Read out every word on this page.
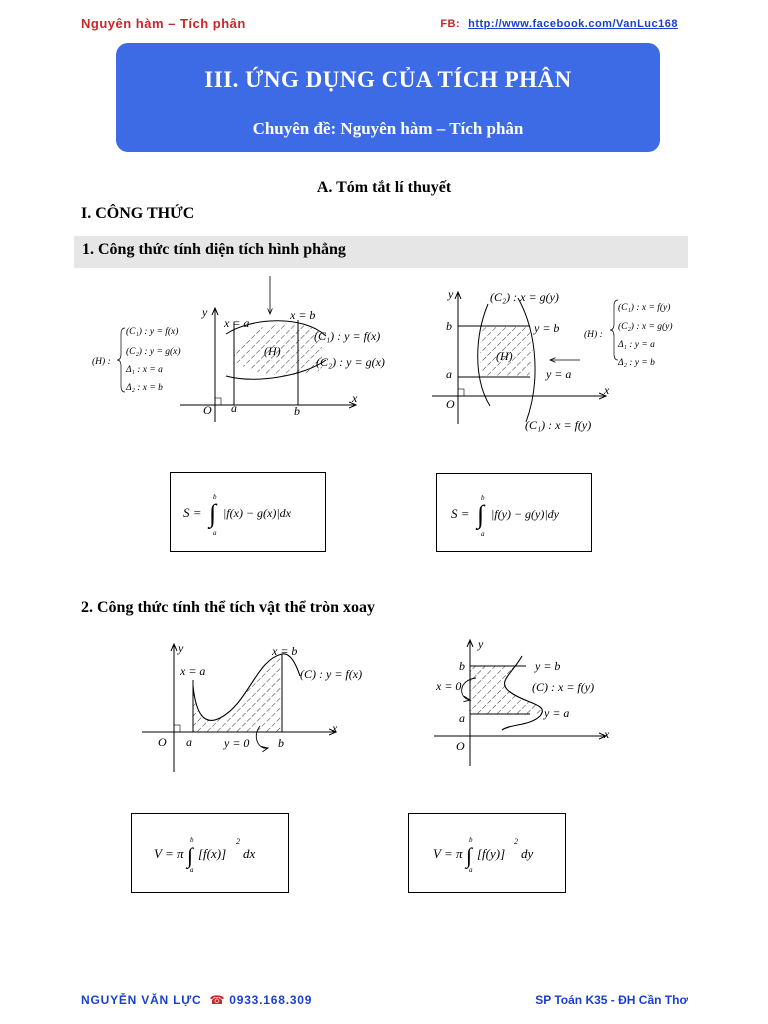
Nguyên hàm – Tích phân	FB: http://www.facebook.com/VanLuc168
III. ỨNG DỤNG CỦA TÍCH PHÂN
Chuyên đề: Nguyên hàm – Tích phân
A. Tóm tắt lí thuyết
I. CÔNG THỨC
1. Công thức tính diện tích hình phẳng
(H) :
(C₁) : y = f(x)
(C₂) : y = g(x)
Δ₁ : x = a
Δ₂ : x = b
x = a
x = b
(C₁) : y = f(x)
(C₂) : y = g(x)
(H)
x
y
O a	b
(C₂) : x = g(y)
(C₁) : x = f(y)
y = b
y = a
(H)
x
y
O
b
a
(H) :
(C₁) : x = f(y)
(C₂) : x = g(y)
Δ₁ : y = a
Δ₂ : y = b
S = ∫
b
a
|f(x) − g(x)|dx	S = ∫
b
a
|f(y) − g(y)|dy
2. Công thức tính thể tích vật thể tròn xoay
x = a
x = b
(C) : y = f(x)
y = 0
x
y
O a	b
y = b
y = a
x = 0	(C) : x = f(y)
x
y
O
b
a
V = π ∫
b
a
[f(x)]
2
dx	V = π ∫
b
a
[f(y)]
2
dy
NGUYỄN VĂN LỰC ☎ 0933.168.309	SP Toán K35 - ĐH Cần Thơ
